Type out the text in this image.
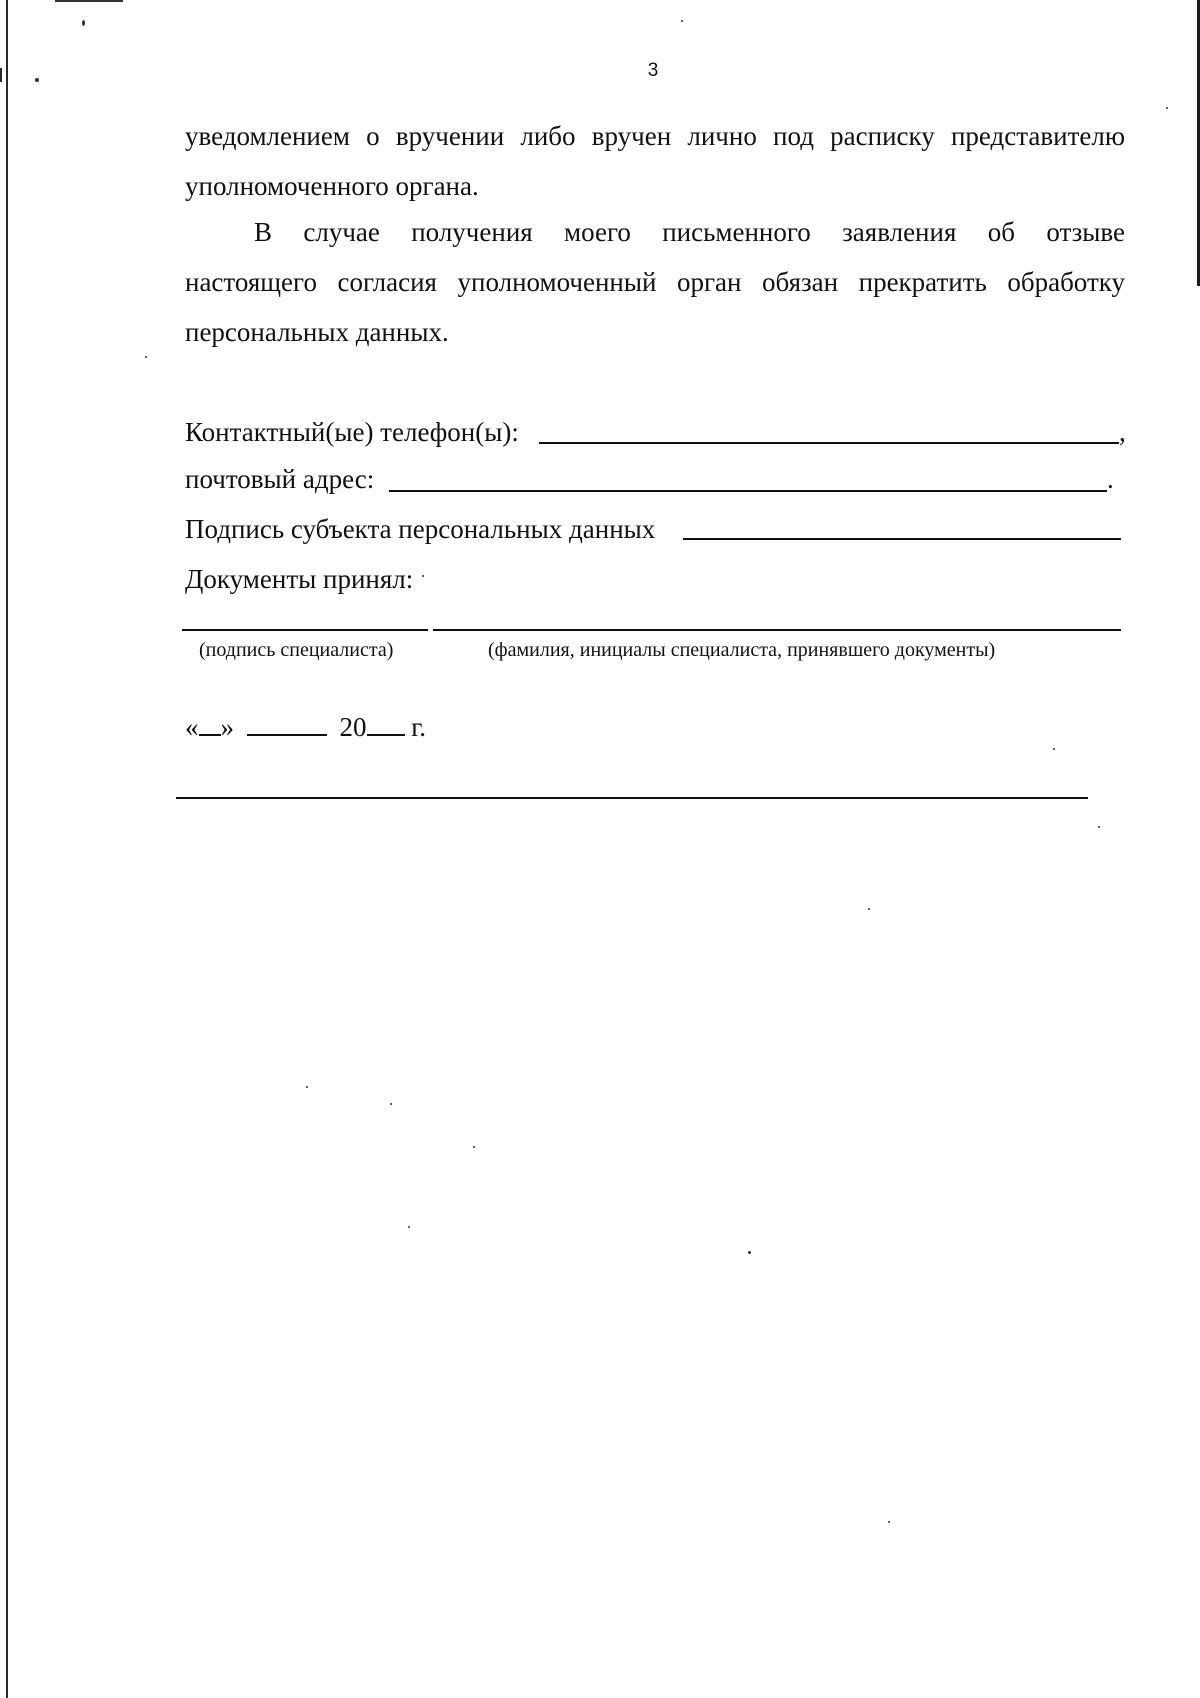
3
уведомлением о вручении либо вручен лично под расписку представителю
уполномоченного органа.
В случае получения моего письменного заявления об отзыве
настоящего согласия уполномоченный орган обязан прекратить обработку
персональных данных.
Контактный(ые) телефон(ы):	,
почтовый адрес:	.
Подпись субъекта персональных данных
Документы принял:
(подпись специалиста)	(фамилия, инициалы специалиста, принявшего документы)
« »	20 г.
